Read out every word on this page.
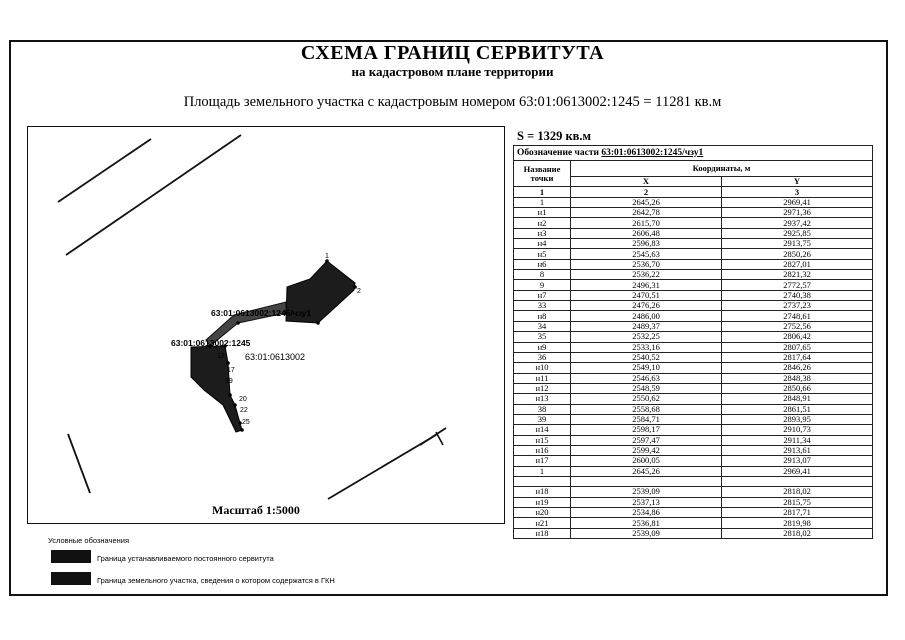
СХЕМА ГРАНИЦ СЕРВИТУТА
на кадастровом плане территории
Площадь земельного участка с кадастровым номером 63:01:0613002:1245 = 11281 кв.м
1
2
12
17
19
20
22
25
63:01:0613002:1245/чзу1
63:01:0613002:1245
63:01:0613002
Масштаб 1:5000
S = 1329 кв.м
Обозначение части 63:01:0613002:1245/чзу1		
Название точки	Координаты, м	
	X	Y
1	2	3
1	2645,26	2969,41
н1	2642,78	2971,36
н2	2615,70	2937,42
н3	2606,48	2925,85
н4	2596,83	2913,75
н5	2545,63	2850,26
н6	2536,70	2827,01
8	2536,22	2821,32
9	2496,31	2772,57
н7	2470,51	2740,38
33	2476,26	2737,23
н8	2486,00	2748,61
34	2489,37	2752,56
35	2532,25	2806,42
н9	2533,16	2807,65
36	2540,52	2817,64
н10	2549,10	2846,26
н11	2546,63	2848,38
н12	2548,59	2850,66
н13	2550,62	2848,91
38	2558,68	2861,51
39	2584,71	2893,95
н14	2598,17	2910,73
н15	2597,47	2911,34
н16	2599,42	2913,61
н17	2600,05	2913,07
1	2645,26	2969,41

н18	2539,09	2818,02
н19	2537,13	2815,75
н20	2534,86	2817,71
н21	2536,81	2819,98
н18	2539,09	2818,02
Условные обозначения
Граница устанавливаемого постоянного сервитута
Граница земельного участка, сведения о котором содержатся в ГКН
